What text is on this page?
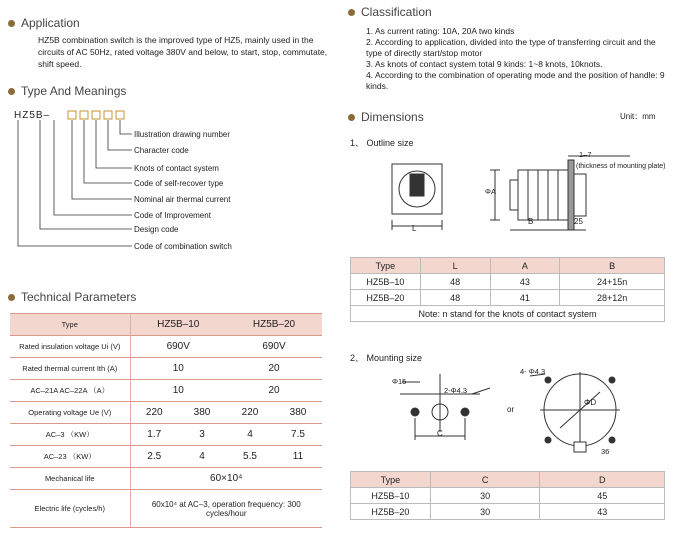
Application
HZ5B combination switch is the improved type of HZ5, mainly used in the circuits of AC 50Hz, rated voltage 380V and below, to start, stop, commutate, shift speed.
Type And Meanings
HZ5B–
Illustration drawing number
Character code
Knots of contact system
Code of self-recover type
Nominal air thermal current
Code of Improvement
Design code
Code of combination switch
Technical Parameters
Type	HZ5B–10		HZ5B–20	
Rated insulation voltage Ui (V)	690V		690V	
Rated thermal current Ith (A)	10		20	
AC–21A AC–22A （A）	10		20	
Operating voltage Ue (V)	220	380	220	380
AC–3 （KW）	1.7	3	4	7.5
AC–23 （KW）	2.5	4	5.5	11
Mechanical life	60×10⁴			
Electric life (cycles/h)	60x10⁴ at AC–3, operation frequency: 300 cycles/hour			
Classification
1. As current rating: 10A, 20A two kinds
2. According to application, divided into the type of transferring circuit and the type of directly start/stop motor
3. As knots of contact system total 9 kinds: 1~8 knots, 10knots.
4. According to the combination of operating mode and the position of handle: 9 kinds.
Dimensions	Unit：mm
1、 Outline size
1–7
(thickness of mounting plate)
ΦA
L
B	25
Type	L	A	B
HZ5B–10	48	43	24+15n
HZ5B–20	48	41	28+12n
Note: n stand for the knots of contact system			
2、 Mounting size
Φ15
2-Φ4.3
C
or
4- Φ4.3
ΦD
36
Type	C	D
HZ5B–10	30	45
HZ5B–20	30	43
